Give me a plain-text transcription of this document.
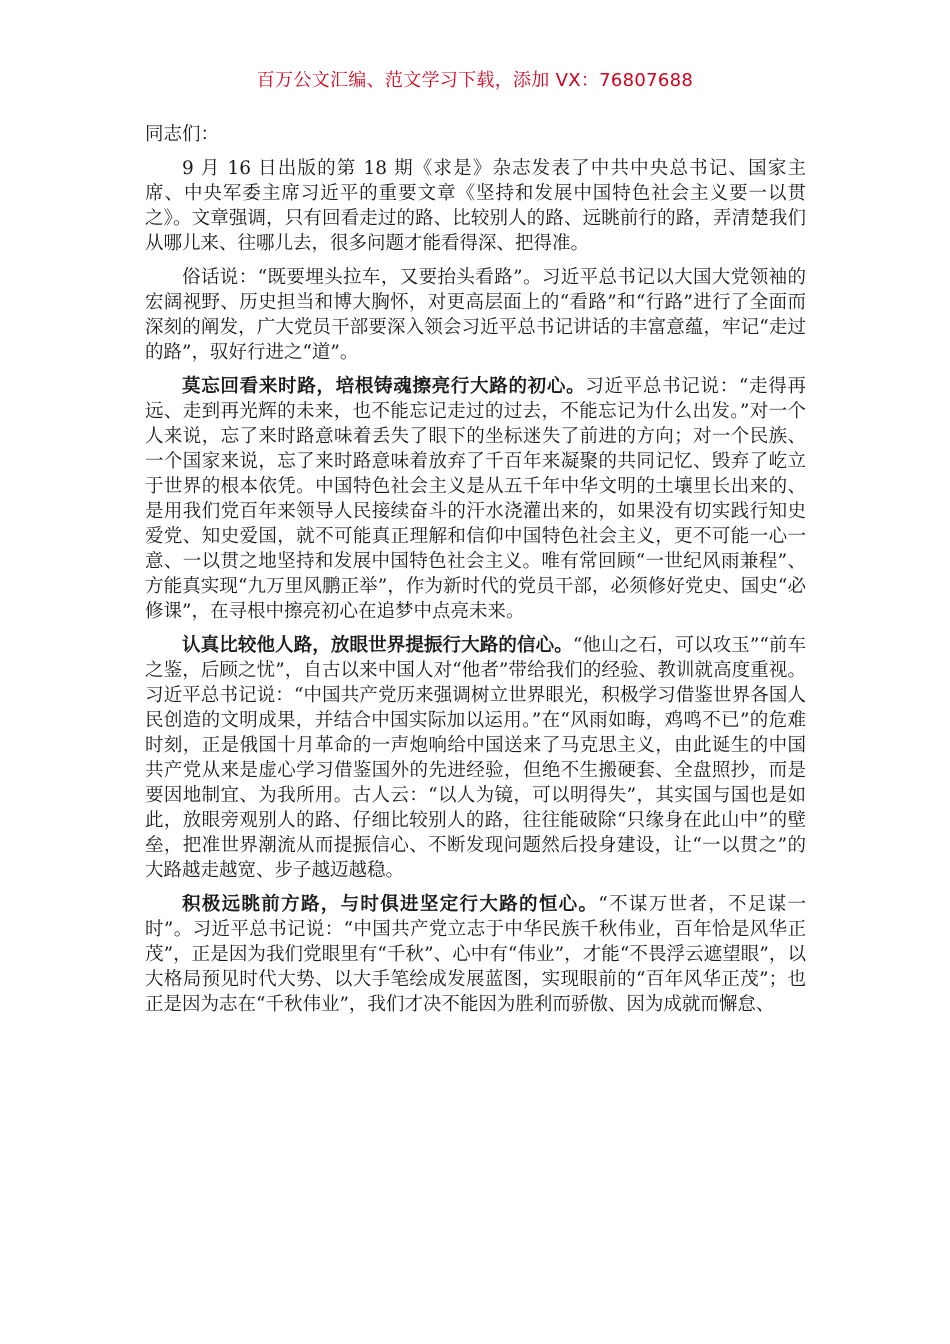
百万公文汇编、范文学习下载，添加 VX：76807688

同志们：

9 月 16 日出版的第 18 期《求是》杂志发表了中共中央总书记、国家主席、中央军委主席习近平的重要文章《坚持和发展中国特色社会主义要一以贯之》。文章强调，只有回看走过的路、比较别人的路、远眺前行的路，弄清楚我们从哪儿来、往哪儿去，很多问题才能看得深、把得准。

俗话说：“既要埋头拉车，又要抬头看路”。习近平总书记以大国大党领袖的宏阔视野、历史担当和博大胸怀，对更高层面上的“看路”和“行路”进行了全面而深刻的阐发，广大党员干部要深入领会习近平总书记讲话的丰富意蕴，牢记“走过的路”，驭好行进之“道”。

莫忘回看来时路，培根铸魂擦亮行大路的初心。习近平总书记说：“走得再远、走到再光辉的未来，也不能忘记走过的过去，不能忘记为什么出发。”对一个人来说，忘了来时路意味着丢失了眼下的坐标迷失了前进的方向；对一个民族、一个国家来说，忘了来时路意味着放弃了千百年来凝聚的共同记忆、毁弃了屹立于世界的根本依凭。中国特色社会主义是从五千年中华文明的土壤里长出来的、是用我们党百年来领导人民接续奋斗的汗水浇灌出来的，如果没有切实践行知史爱党、知史爱国，就不可能真正理解和信仰中国特色社会主义，更不可能一心一意、一以贯之地坚持和发展中国特色社会主义。唯有常回顾“一世纪风雨兼程”、方能真实现“九万里风鹏正举”，作为新时代的党员干部，必须修好党史、国史“必修课”，在寻根中擦亮初心在追梦中点亮未来。

认真比较他人路，放眼世界提振行大路的信心。“他山之石，可以攻玉”“前车之鉴，后顾之忧”，自古以来中国人对“他者”带给我们的经验、教训就高度重视。习近平总书记说：“中国共产党历来强调树立世界眼光，积极学习借鉴世界各国人民创造的文明成果，并结合中国实际加以运用。”在“风雨如晦，鸡鸣不已”的危难时刻，正是俄国十月革命的一声炮响给中国送来了马克思主义，由此诞生的中国共产党从来是虚心学习借鉴国外的先进经验，但绝不生搬硬套、全盘照抄，而是要因地制宜、为我所用。古人云：“以人为镜，可以明得失”，其实国与国也是如此，放眼旁观别人的路、仔细比较别人的路，往往能破除“只缘身在此山中”的壁垒，把准世界潮流从而提振信心、不断发现问题然后投身建设，让“一以贯之”的大路越走越宽、步子越迈越稳。

积极远眺前方路，与时俱进坚定行大路的恒心。“不谋万世者，不足谋一时”。习近平总书记说：“中国共产党立志于中华民族千秋伟业，百年恰是风华正茂”，正是因为我们党眼里有“千秋”、心中有“伟业”，才能“不畏浮云遮望眼”，以大格局预见时代大势、以大手笔绘成发展蓝图，实现眼前的“百年风华正茂”；也正是因为志在“千秋伟业”，我们才决不能因为胜利而骄傲、因为成就而懈怠、
